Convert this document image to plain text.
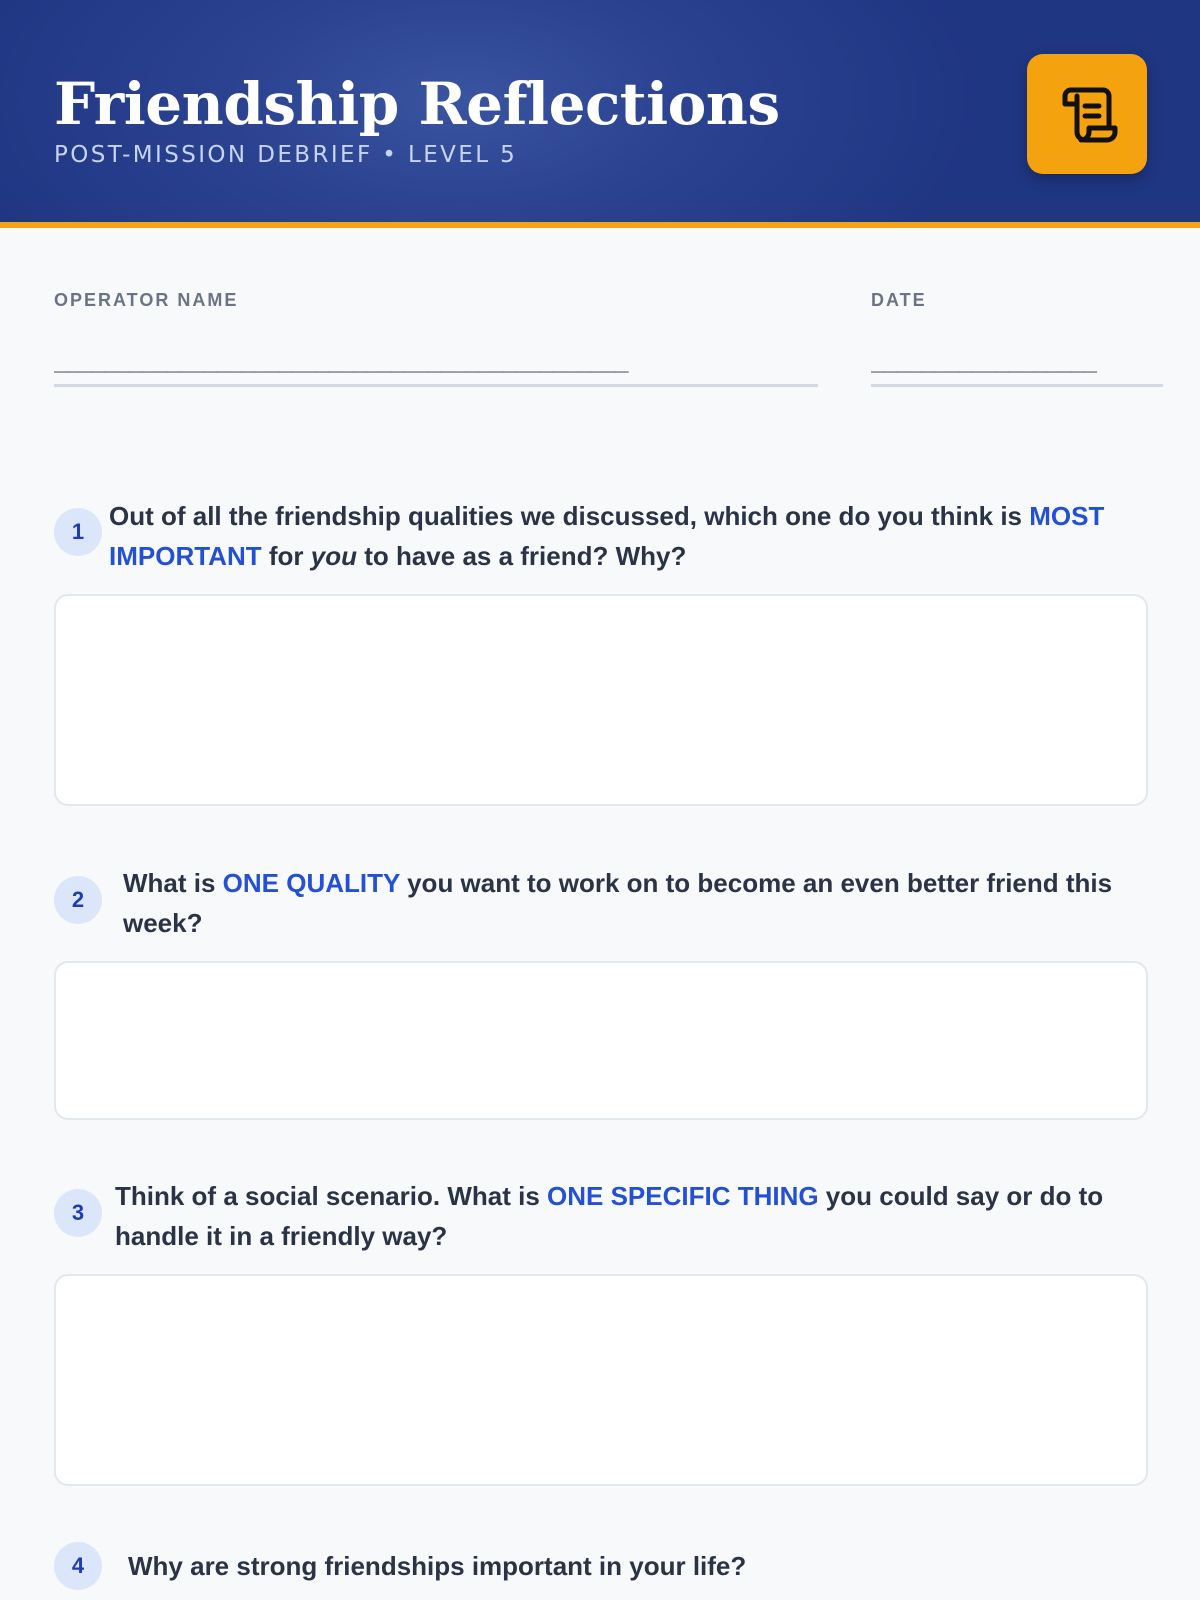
Friendship Reflections
POST-MISSION DEBRIEF • LEVEL 5
OPERATOR NAME
______________________________________________
DATE
__________________
1
Out of all the friendship qualities we discussed, which one do you think is MOST IMPORTANT for you to have as a friend? Why?
2
What is ONE QUALITY you want to work on to become an even better friend this week?
3
Think of a social scenario. What is ONE SPECIFIC THING you could say or do to handle it in a friendly way?
4	Why are strong friendships important in your life?
